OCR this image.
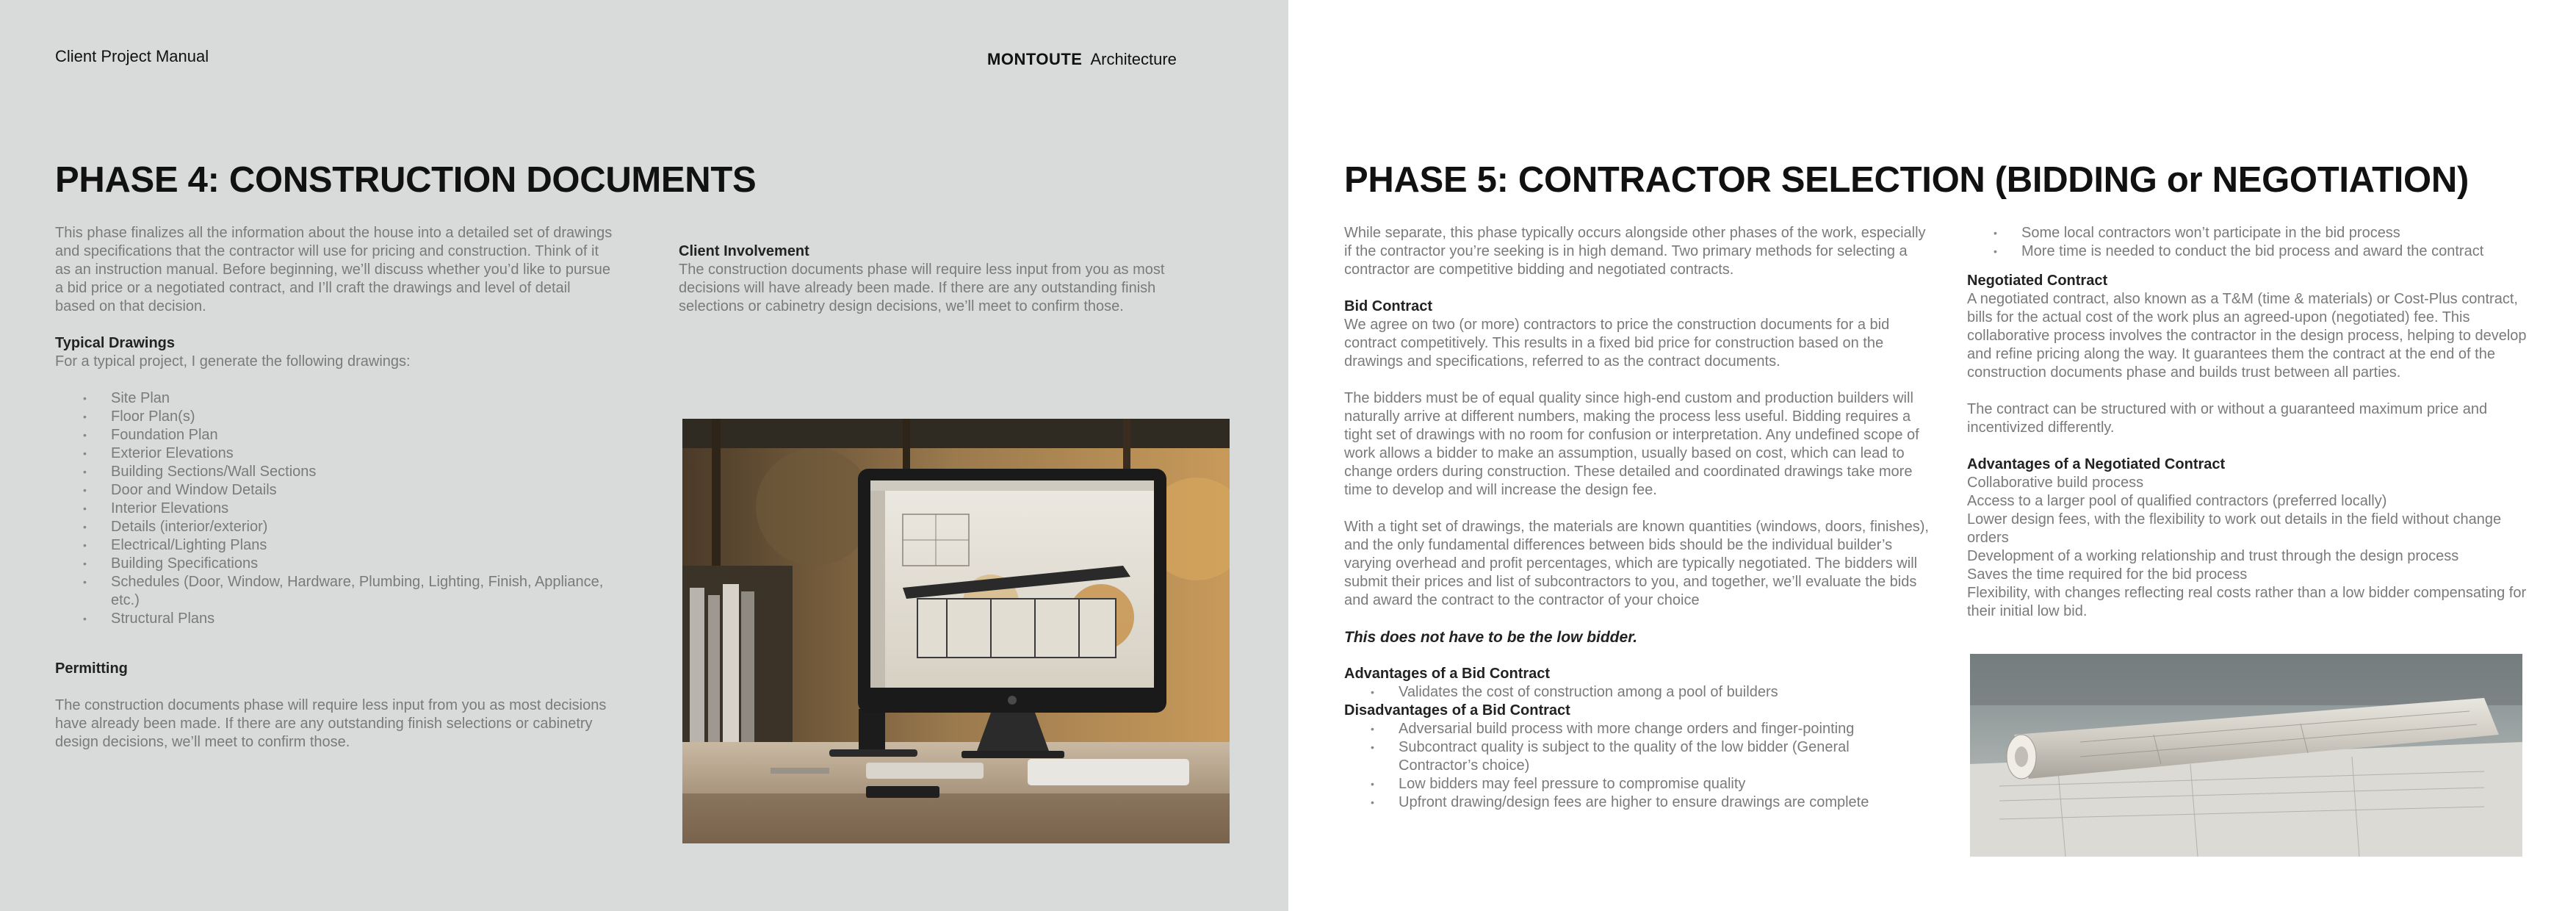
Client Project Manual	MONTOUTE Architecture
PHASE 4: CONSTRUCTION DOCUMENTS

This phase finalizes all the information about the house into a detailed set of drawings and specifications that the contractor will use for pricing and construction. Think of it as an instruction manual. Before beginning, we’ll discuss whether you’d like to pursue a bid price or a negotiated contract, and I’ll craft the drawings and level of detail based on that decision.

Typical Drawings

For a typical project, I generate the following drawings:

• Site Plan
• Floor Plan(s)
• Foundation Plan
• Exterior Elevations
• Building Sections/Wall Sections
• Door and Window Details
• Interior Elevations
• Details (interior/exterior)
• Electrical/Lighting Plans
• Building Specifications
• Schedules (Door, Window, Hardware, Plumbing, Lighting, Finish, Appliance, etc.)
• Structural Plans

Permitting

The construction documents phase will require less input from you as most decisions have already been made. If there are any outstanding finish selections or cabinetry design decisions, we’ll meet to confirm those.

Client Involvement

The construction documents phase will require less input from you as most decisions will have already been made. If there are any outstanding finish selections or cabinetry design decisions, we’ll meet to confirm those.

PHASE 5: CONTRACTOR SELECTION (BIDDING or NEGOTIATION)

While separate, this phase typically occurs alongside other phases of the work, especially if the contractor you’re seeking is in high demand. Two primary methods for selecting a contractor are competitive bidding and negotiated contracts.

Bid Contract

We agree on two (or more) contractors to price the construction documents for a bid contract competitively. This results in a fixed bid price for construction based on the drawings and specifications, referred to as the contract documents.

The bidders must be of equal quality since high-end custom and production builders will naturally arrive at different numbers, making the process less useful. Bidding requires a tight set of drawings with no room for confusion or interpretation. Any undefined scope of work allows a bidder to make an assumption, usually based on cost, which can lead to change orders during construction. These detailed and coordinated drawings take more time to develop and will increase the design fee.

With a tight set of drawings, the materials are known quantities (windows, doors, finishes), and the only fundamental differences between bids should be the individual builder’s varying overhead and profit percentages, which are typically negotiated. The bidders will submit their prices and list of subcontractors to you, and together, we’ll evaluate the bids and award the contract to the contractor of your choice

This does not have to be the low bidder.

Advantages of a Bid Contract

• Validates the cost of construction among a pool of builders

Disadvantages of a Bid Contract

• Adversarial build process with more change orders and finger-pointing
• Subcontract quality is subject to the quality of the low bidder (General Contractor’s choice)
• Low bidders may feel pressure to compromise quality
• Upfront drawing/design fees are higher to ensure drawings are complete
• Some local contractors won’t participate in the bid process
• More time is needed to conduct the bid process and award the contract

Negotiated Contract

A negotiated contract, also known as a T&M (time & materials) or Cost-Plus contract, bills for the actual cost of the work plus an agreed-upon (negotiated) fee. This collaborative process involves the contractor in the design process, helping to develop and refine pricing along the way. It guarantees them the contract at the end of the construction documents phase and builds trust between all parties.

The contract can be structured with or without a guaranteed maximum price and incentivized differently.

Advantages of a Negotiated Contract

Collaborative build process

Access to a larger pool of qualified contractors (preferred locally)

Lower design fees, with the flexibility to work out details in the field without change orders

Development of a working relationship and trust through the design process

Saves the time required for the bid process

Flexibility, with changes reflecting real costs rather than a low bidder compensating for their initial low bid.
